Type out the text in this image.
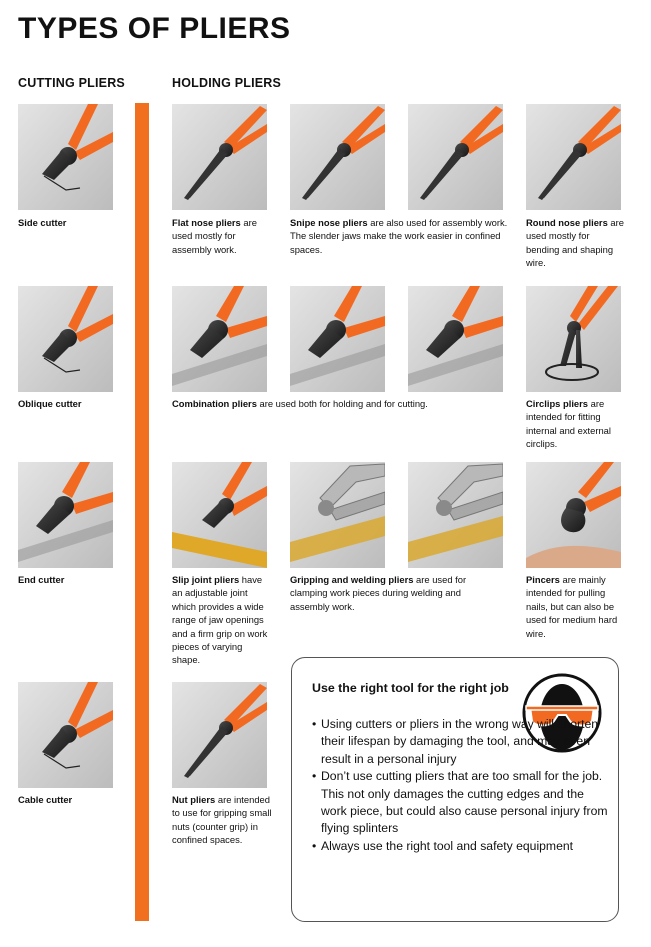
TYPES OF PLIERS
CUTTING PLIERS	HOLDING PLIERS
Side cutter	Flat nose pliers are used mostly for assembly work.
Snipe nose pliers are also used for assembly work. The slender jaws make the work easier in confined spaces.
Round nose pliers are used mostly for bending and shaping wire.
Oblique cutter	Combination pliers are used both for holding and for cutting.	Circlips pliers are intended for fitting internal and external circlips.
End cutter	Slip joint pliers have an adjustable joint which provides a wide range of jaw openings and a firm grip on work pieces of varying shape.
Gripping and welding pliers are used for clamping work pieces during welding and assembly work.
Pincers are mainly intended for pulling nails, but can also be used for medium hard wire.
Cable cutter	Nut pliers are intended to use for gripping small nuts (counter grip) in confined spaces.
Use the right tool for the right job
• Using cutters or pliers in the wrong way will shorten their lifespan by damaging the tool, and may even result in a personal injury
• Don’t use cutting pliers that are too small for the job. This not only damages the cutting edges and the work piece, but could also cause personal injury from flying splinters
• Always use the right tool and safety equipment
